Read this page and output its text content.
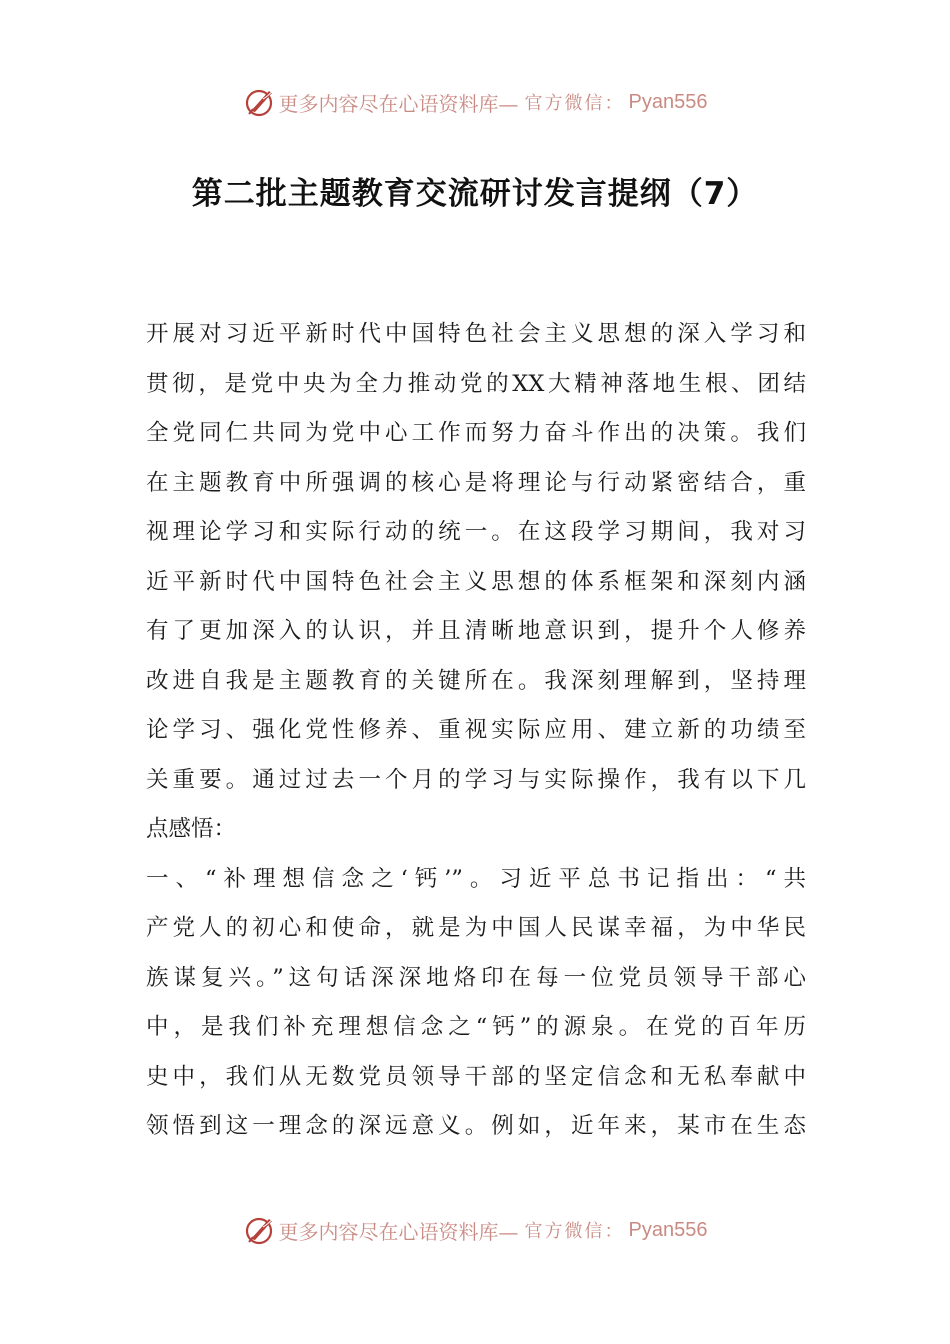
更多内容尽在心语资料库— 官方微信： Pyan556
第二批主题教育交流研讨发言提纲（7）
开展对习近平新时代中国特色社会主义思想的深入学习和
贯彻，是党中央为全力推动党的XX大精神落地生根、团结
全党同仁共同为党中心工作而努力奋斗作出的决策。我们
在主题教育中所强调的核心是将理论与行动紧密结合，重
视理论学习和实际行动的统一。在这段学习期间，我对习
近平新时代中国特色社会主义思想的体系框架和深刻内涵
有了更加深入的认识，并且清晰地意识到，提升个人修养
改进自我是主题教育的关键所在。我深刻理解到，坚持理
论学习、强化党性修养、重视实际应用、建立新的功绩至
关重要。通过过去一个月的学习与实际操作，我有以下几
点感悟：
一、“补理想信念之‘钙’”。习近平总书记指出：“共
产党人的初心和使命，就是为中国人民谋幸福，为中华民
族谋复兴。”这句话深深地烙印在每一位党员领导干部心
中，是我们补充理想信念之“钙”的源泉。在党的百年历
史中，我们从无数党员领导干部的坚定信念和无私奉献中
领悟到这一理念的深远意义。例如，近年来，某市在生态
更多内容尽在心语资料库— 官方微信： Pyan556
